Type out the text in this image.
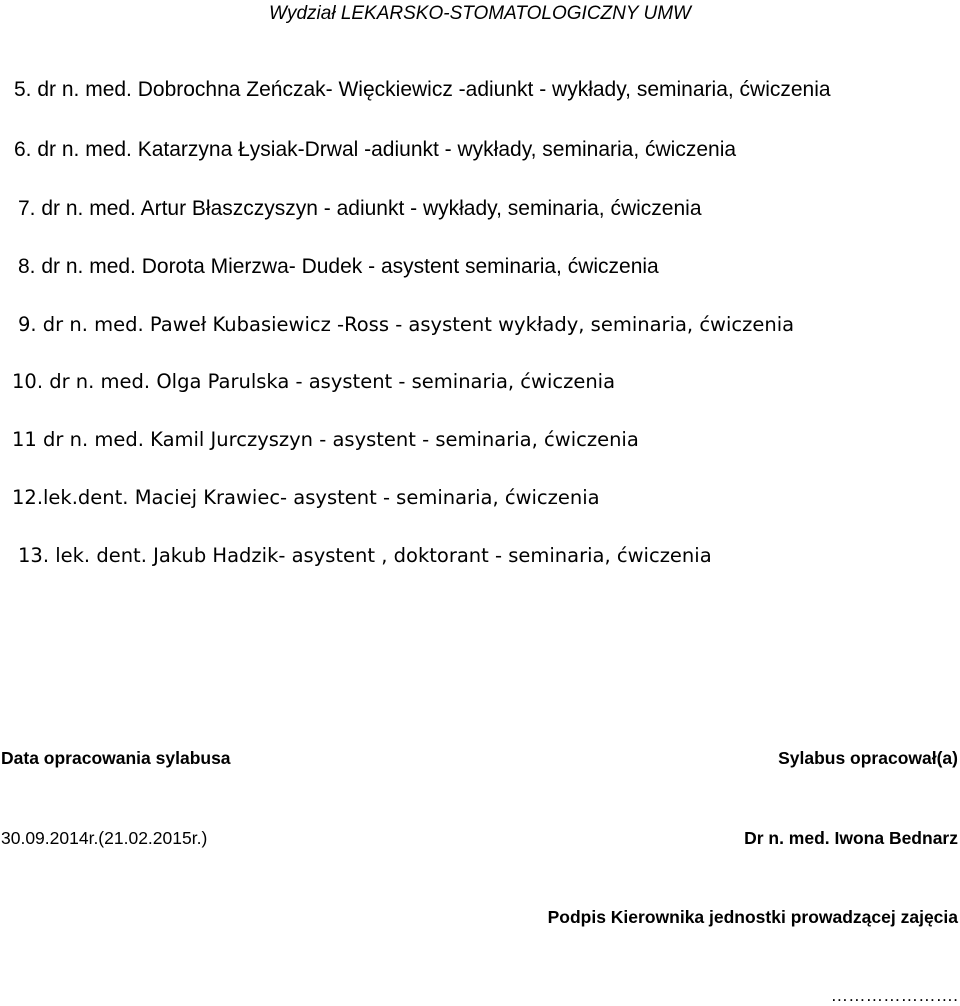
Wydział LEKARSKO-STOMATOLOGICZNY UMW
5. dr n. med. Dobrochna Zeńczak- Więckiewicz -adiunkt - wykłady, seminaria, ćwiczenia
6. dr n. med. Katarzyna Łysiak-Drwal -adiunkt - wykłady, seminaria, ćwiczenia
7. dr n. med. Artur Błaszczyszyn - adiunkt - wykłady, seminaria, ćwiczenia
8. dr n. med. Dorota Mierzwa- Dudek - asystent seminaria, ćwiczenia
9. dr n. med. Paweł Kubasiewicz -Ross - asystent wykłady, seminaria, ćwiczenia
10. dr n. med. Olga Parulska - asystent - seminaria, ćwiczenia
11 dr n. med. Kamil Jurczyszyn - asystent - seminaria, ćwiczenia
12.lek.dent. Maciej Krawiec- asystent - seminaria, ćwiczenia
13. lek. dent. Jakub Hadzik- asystent , doktorant - seminaria, ćwiczenia
Data opracowania sylabusa	Sylabus opracował(a)
30.09.2014r.(21.02.2015r.)	Dr n. med. Iwona Bednarz
Podpis Kierownika jednostki prowadzącej zajęcia
………………….
